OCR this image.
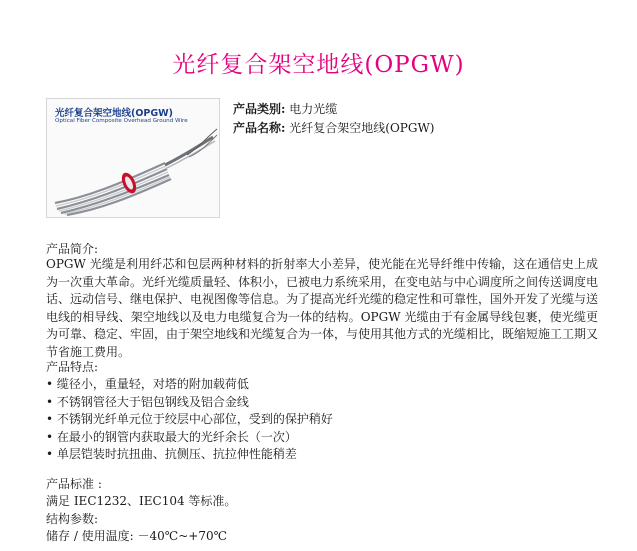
光纤复合架空地线(OPGW)
光纤复合架空地线(OPGW)
Optical Fiber Composite Overhead Ground Wire
产品类别: 电力光缆
产品名称: 光纤复合架空地线(OPGW)
产品简介:
OPGW 光缆是利用纤芯和包层两种材料的折射率大小差异，使光能在光导纤维中传输，这在通信史上成为一次重大革命。光纤光缆质量轻、体积小，已被电力系统采用，在变电站与中心调度所之间传送调度电话、远动信号、继电保护、电视图像等信息。为了提高光纤光缆的稳定性和可靠性，国外开发了光缆与送电线的相导线、架空地线以及电力电缆复合为一体的结构。OPGW 光缆由于有金属导线包裹，使光缆更为可靠、稳定、牢固，由于架空地线和光缆复合为一体，与使用其他方式的光缆相比，既缩短施工工期又节省施工费用。
产品特点:
• 缆径小，重量轻，对塔的附加载荷低
• 不锈钢管径大于铝包钢线及铝合金线
• 不锈钢光纤单元位于绞层中心部位，受到的保护稍好
• 在最小的钢管内获取最大的光纤余长（一次）
• 单层铠装时抗扭曲、抗侧压、抗拉伸性能稍差
产品标准 :
满足 IEC1232、IEC104 等标准。
结构参数:
储存 / 使用温度: －40℃~+70℃
